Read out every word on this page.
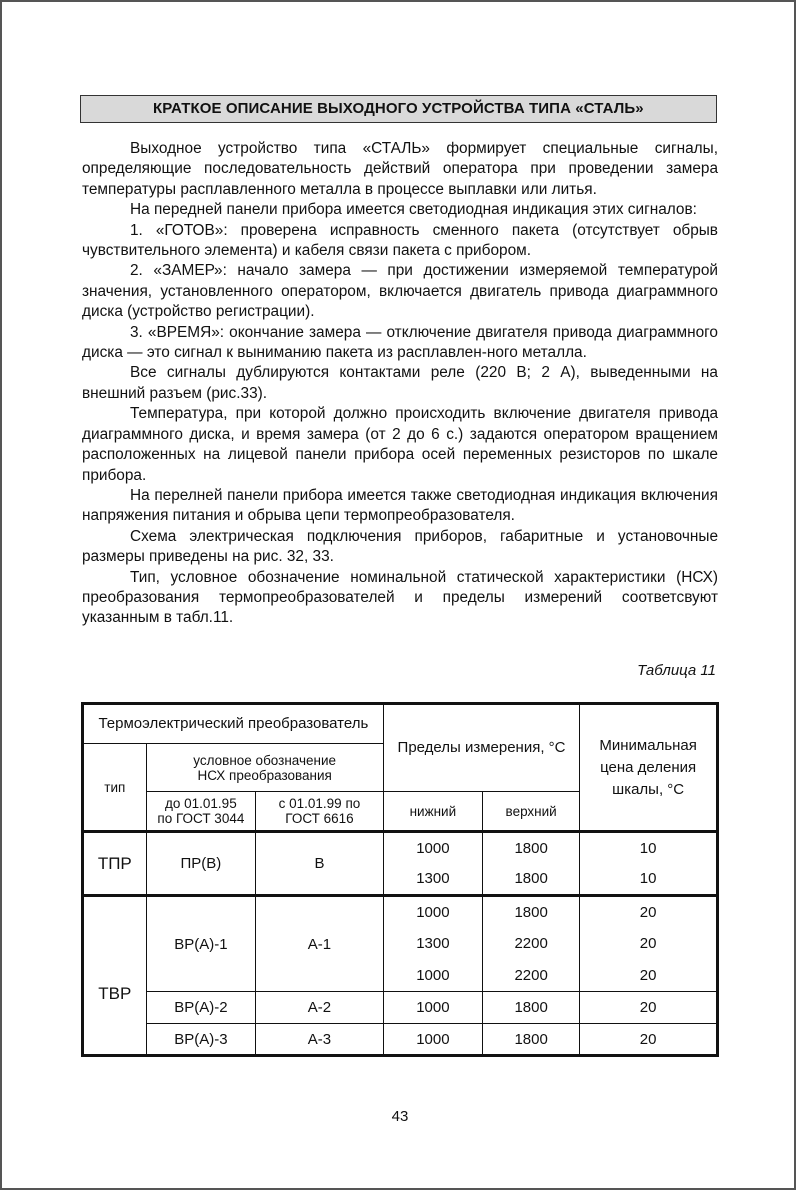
КРАТКОЕ ОПИСАНИЕ ВЫХОДНОГО УСТРОЙСТВА ТИПА «СТАЛЬ»

Выходное устройство типа «СТАЛЬ» формирует специальные сигналы, определяющие последовательность действий оператора при проведении замера температуры расплавленного металла в процессе выплавки или литья.

На передней панели прибора имеется светодиодная индикация этих сигналов:

1. «ГОТОВ»: проверена исправность сменного пакета (отсутствует обрыв чувствительного элемента) и кабеля связи пакета с прибором.

2. «ЗАМЕР»: начало замера — при достижении измеряемой температурой значения, установленного оператором, включается двигатель привода диаграммного диска (устройство регистрации).

3. «ВРЕМЯ»: окончание замера — отключение двигателя привода диаграммного диска — это сигнал к выниманию пакета из расплавлен-ного металла.

Все сигналы дублируются контактами реле (220 В; 2 А), выведенными на внешний разъем (рис.33).

Температура, при которой должно происходить включение двигателя привода диаграммного диска, и время замера (от 2 до 6 с.) задаются оператором вращением расположенных на лицевой панели прибора осей переменных резисторов по шкале прибора.

На перелней панели прибора имеется также светодиодная индикация включения напряжения питания и обрыва цепи термопреобразователя.

Схема электрическая подключения приборов, габаритные и установочные размеры приведены на рис. 32, 33.

Тип, условное обозначение номинальной статической характеристики (НСХ) преобразования термопреобразователей и пределы измерений соответсвуют указанным в табл.11.

Таблица 11
Термоэлектрический преобразователь			Пределы измерения, °С		Минимальная цена деления шкалы, °С
тип	условное обозначение НСХ преобразования				
	до 01.01.95 по ГОСТ 3044	с 01.01.99 по ГОСТ 6616	нижний	верхний	
ТПР	ПР(В)	В	1000	1800	10
			1300	1800	10
ТВР	ВР(А)-1	А-1	1000	1800	20
			1300	2200	20
			1000	2200	20
	ВР(А)-2	А-2	1000	1800	20
	ВР(А)-3	А-3	1000	1800	20
43
